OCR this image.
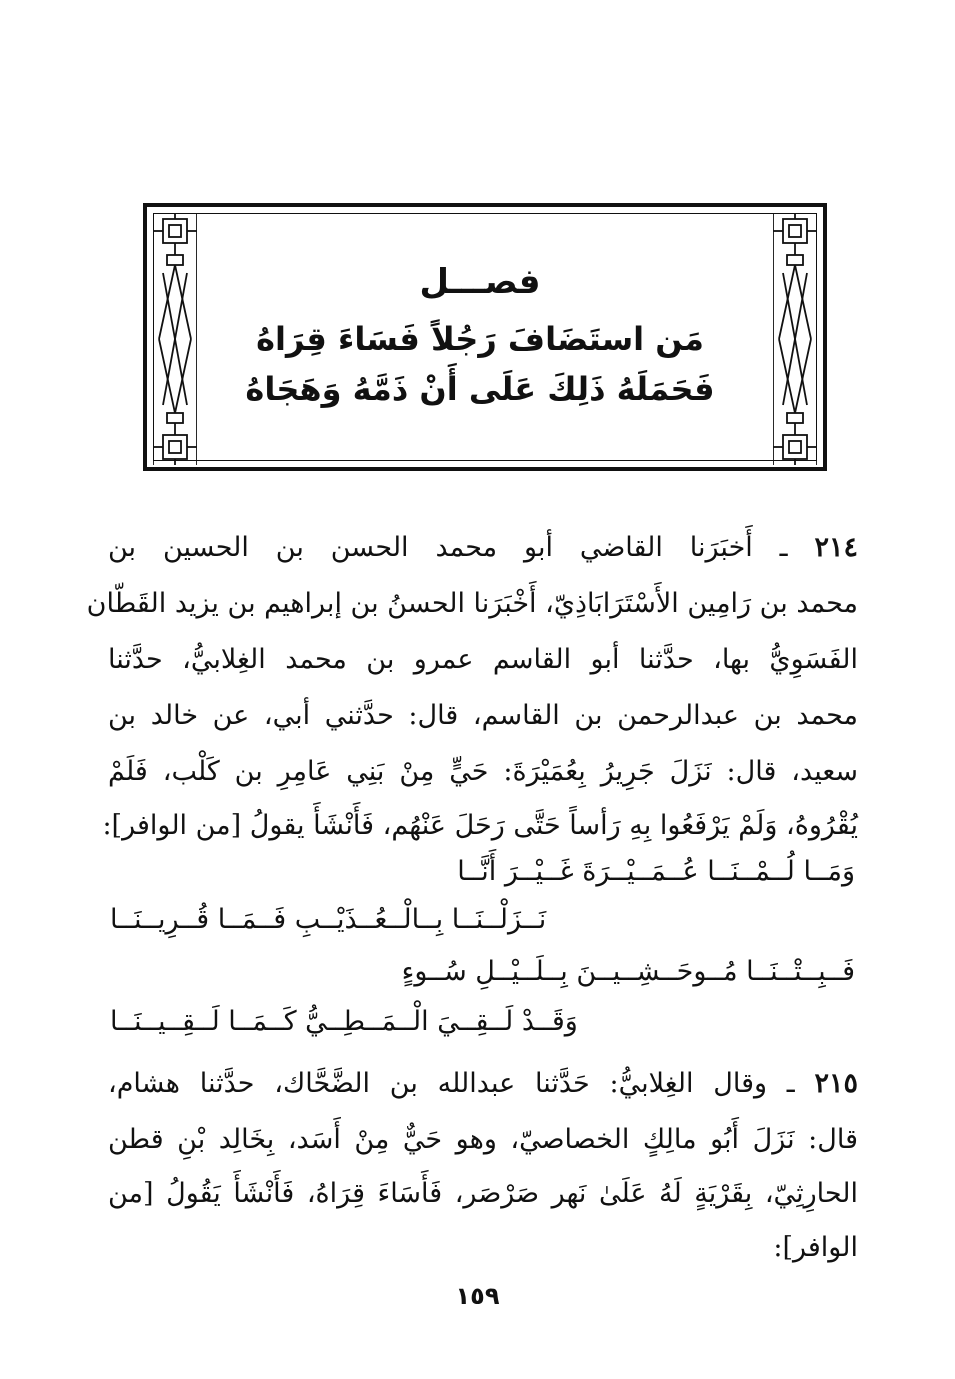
فصـــل
مَن استَضَافَ رَجُلاً فَسَاءَ قِرَاهُ
فَحَمَلَهُ ذَلِكَ عَلَى أَنْ ذَمَّهُ وَهَجَاهُ
٢١٤ ـ أَخبَرَنا القاضي أبو محمد الحسن بن الحسين بن
محمد بن رَامِين الأَسْتَرَابَاذِيّ، أَخْبَرَنا الحسنُ بن إبراهيم بن يزيد القَطّان
الفَسَوِيُّ بها، حدَّثنا أبو القاسم عمرو بن محمد الغِلابيُّ، حدَّثنا
محمد بن عبدالرحمن بن القاسم، قال: حدَّثني أبي، عن خالد بن
سعيد، قال: نَزَلَ جَرِيرُ بِعُمَيْرَةَ: حَيٍّ مِنْ بَنِي عَامِرِ بن كَلْب، فَلَمْ
يُقْرُوهُ، وَلَمْ يَرْفَعُوا بِهِ رَأساً حَتَّى رَحَلَ عَنْهُم، فَأَنْشَأَ يقولُ [من الوافر]:
وَمَــا لُــمْــنَــا عُــمَــيْــرَةَ غَــيْــرَ أَنَّــا
نَــزَلْــنَــا بِــالْــعُــذَيْــبِ فَــمَــا قُــرِيــنَــا
فَــبِــتْــنَــا مُــوحَــشِــيــنَ بِــلَــيْــلِ سُــوءٍ
وَقَــدْ لَــقِــيَ الْــمَــطِــيُّ كَــمَــا لَــقِــيــنَــا
٢١٥ ـ وقال الغِلابيُّ: حَدَّثنا عبدالله بن الضَّحَّاك، حدَّثنا هشام،
قال: نَزَلَ أَبُو مالِكٍ الخصاصيّ، وهو حَيٌّ مِنْ أَسَد، بِخَالِد بْنِ قطن
الحارِثِيّ، بِقَرْيَةٍ لَهُ عَلَىٰ نَهر صَرْصَر، فَأَسَاءَ قِرَاهُ، فَأَنْشَأَ يَقُولُ [من
الوافر]:
١٥٩
